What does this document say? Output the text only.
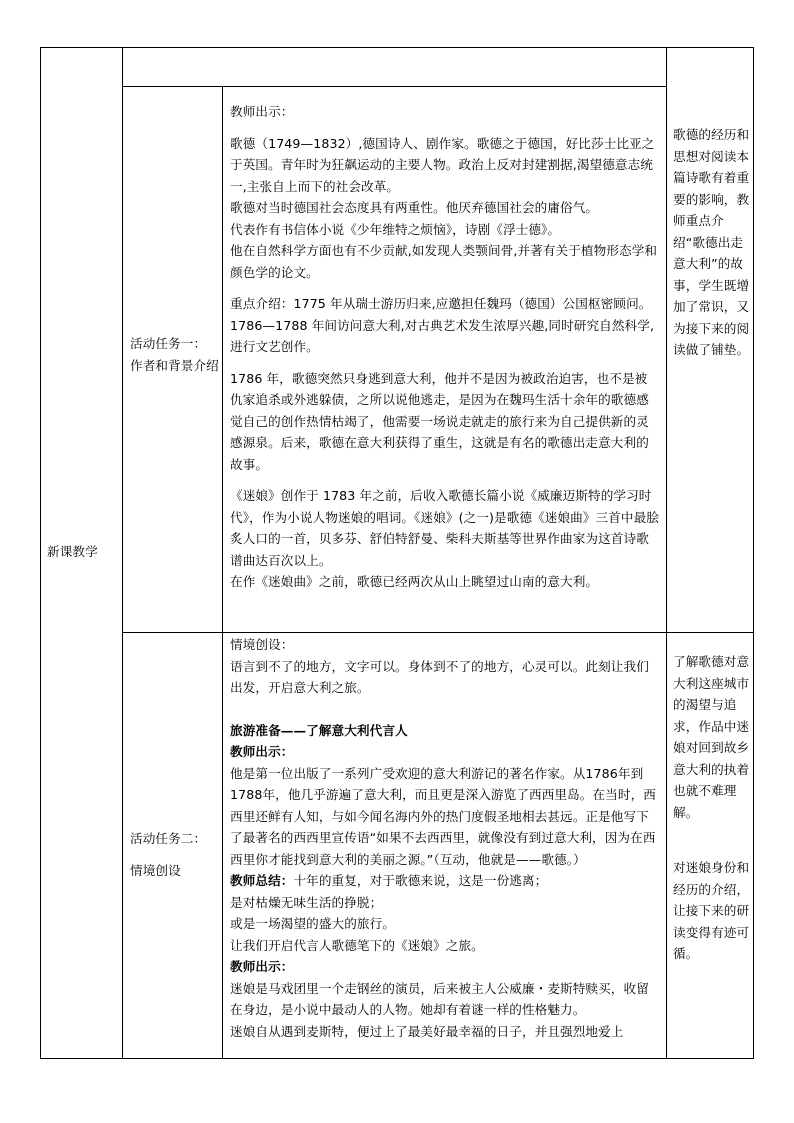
新课教学

活动任务一：

作者和背景介绍

教师出示：

歌德（1749—1832）,德国诗人、剧作家。歌德之于德国，好比莎士比亚之于英国。青年时为狂飙运动的主要人物。政治上反对封建割据,渴望德意志统一,主张自上而下的社会改革。

歌德对当时德国社会态度具有两重性。他厌弃德国社会的庸俗气。

代表作有书信体小说《少年维特之烦恼》，诗剧《浮士德》。

他在自然科学方面也有不少贡献,如发现人类颚间骨,并著有关于植物形态学和颜色学的论文。

重点介绍：1775 年从瑞士游历归来,应邀担任魏玛（德国）公国枢密顾问。1786—1788 年间访问意大利,对古典艺术发生浓厚兴趣,同时研究自然科学,进行文艺创作。

1786 年，歌德突然只身逃到意大利，他并不是因为被政治迫害，也不是被仇家追杀或外逃躲债，之所以说他逃走，是因为在魏玛生活十余年的歌德感觉自己的创作热情枯竭了，他需要一场说走就走的旅行来为自己提供新的灵感源泉。后来，歌德在意大利获得了重生，这就是有名的歌德出走意大利的故事。

《迷娘》创作于 1783 年之前，后收入歌德长篇小说《威廉迈斯特的学习时代》，作为小说人物迷娘的唱词。《迷娘》(之一)是歌德《迷娘曲》三首中最脍炙人口的一首，贝多芬、舒伯特舒曼、柴科夫斯基等世界作曲家为这首诗歌谱曲达百次以上。

在作《迷娘曲》之前，歌德已经两次从山上眺望过山南的意大利。

歌德的经历和思想对阅读本篇诗歌有着重要的影响，教师重点介绍“歌德出走意大利”的故事，学生既增加了常识，又为接下来的阅读做了铺垫。

活动任务二：

情境创设

情境创设：

语言到不了的地方，文字可以。身体到不了的地方，心灵可以。此刻让我们出发，开启意大利之旅。

旅游准备——了解意大利代言人

教师出示：

他是第一位出版了一系列广受欢迎的意大利游记的著名作家。从1786年到1788年，他几乎游遍了意大利，而且更是深入游览了西西里岛。在当时，西西里还鲜有人知，与如今闻名海内外的热门度假圣地相去甚远。正是他写下了最著名的西西里宣传语“如果不去西西里，就像没有到过意大利，因为在西西里你才能找到意大利的美丽之源。”（互动，他就是——歌德。）

教师总结：十年的重复，对于歌德来说，这是一份逃离；

是对枯燥无味生活的挣脱；

或是一场渴望的盛大的旅行。

让我们开启代言人歌德笔下的《迷娘》之旅。

教师出示：

迷娘是马戏团里一个走钢丝的演员，后来被主人公威廉・麦斯特赎买，收留在身边，是小说中最动人的人物。她却有着谜一样的性格魅力。

迷娘自从遇到麦斯特，便过上了最美好最幸福的日子，并且强烈地爱上

了解歌德对意大利这座城市的渴望与追求，作品中迷娘对回到故乡意大利的执着也就不难理解。
对迷娘身份和经历的介绍，让接下来的研读变得有迹可循。
